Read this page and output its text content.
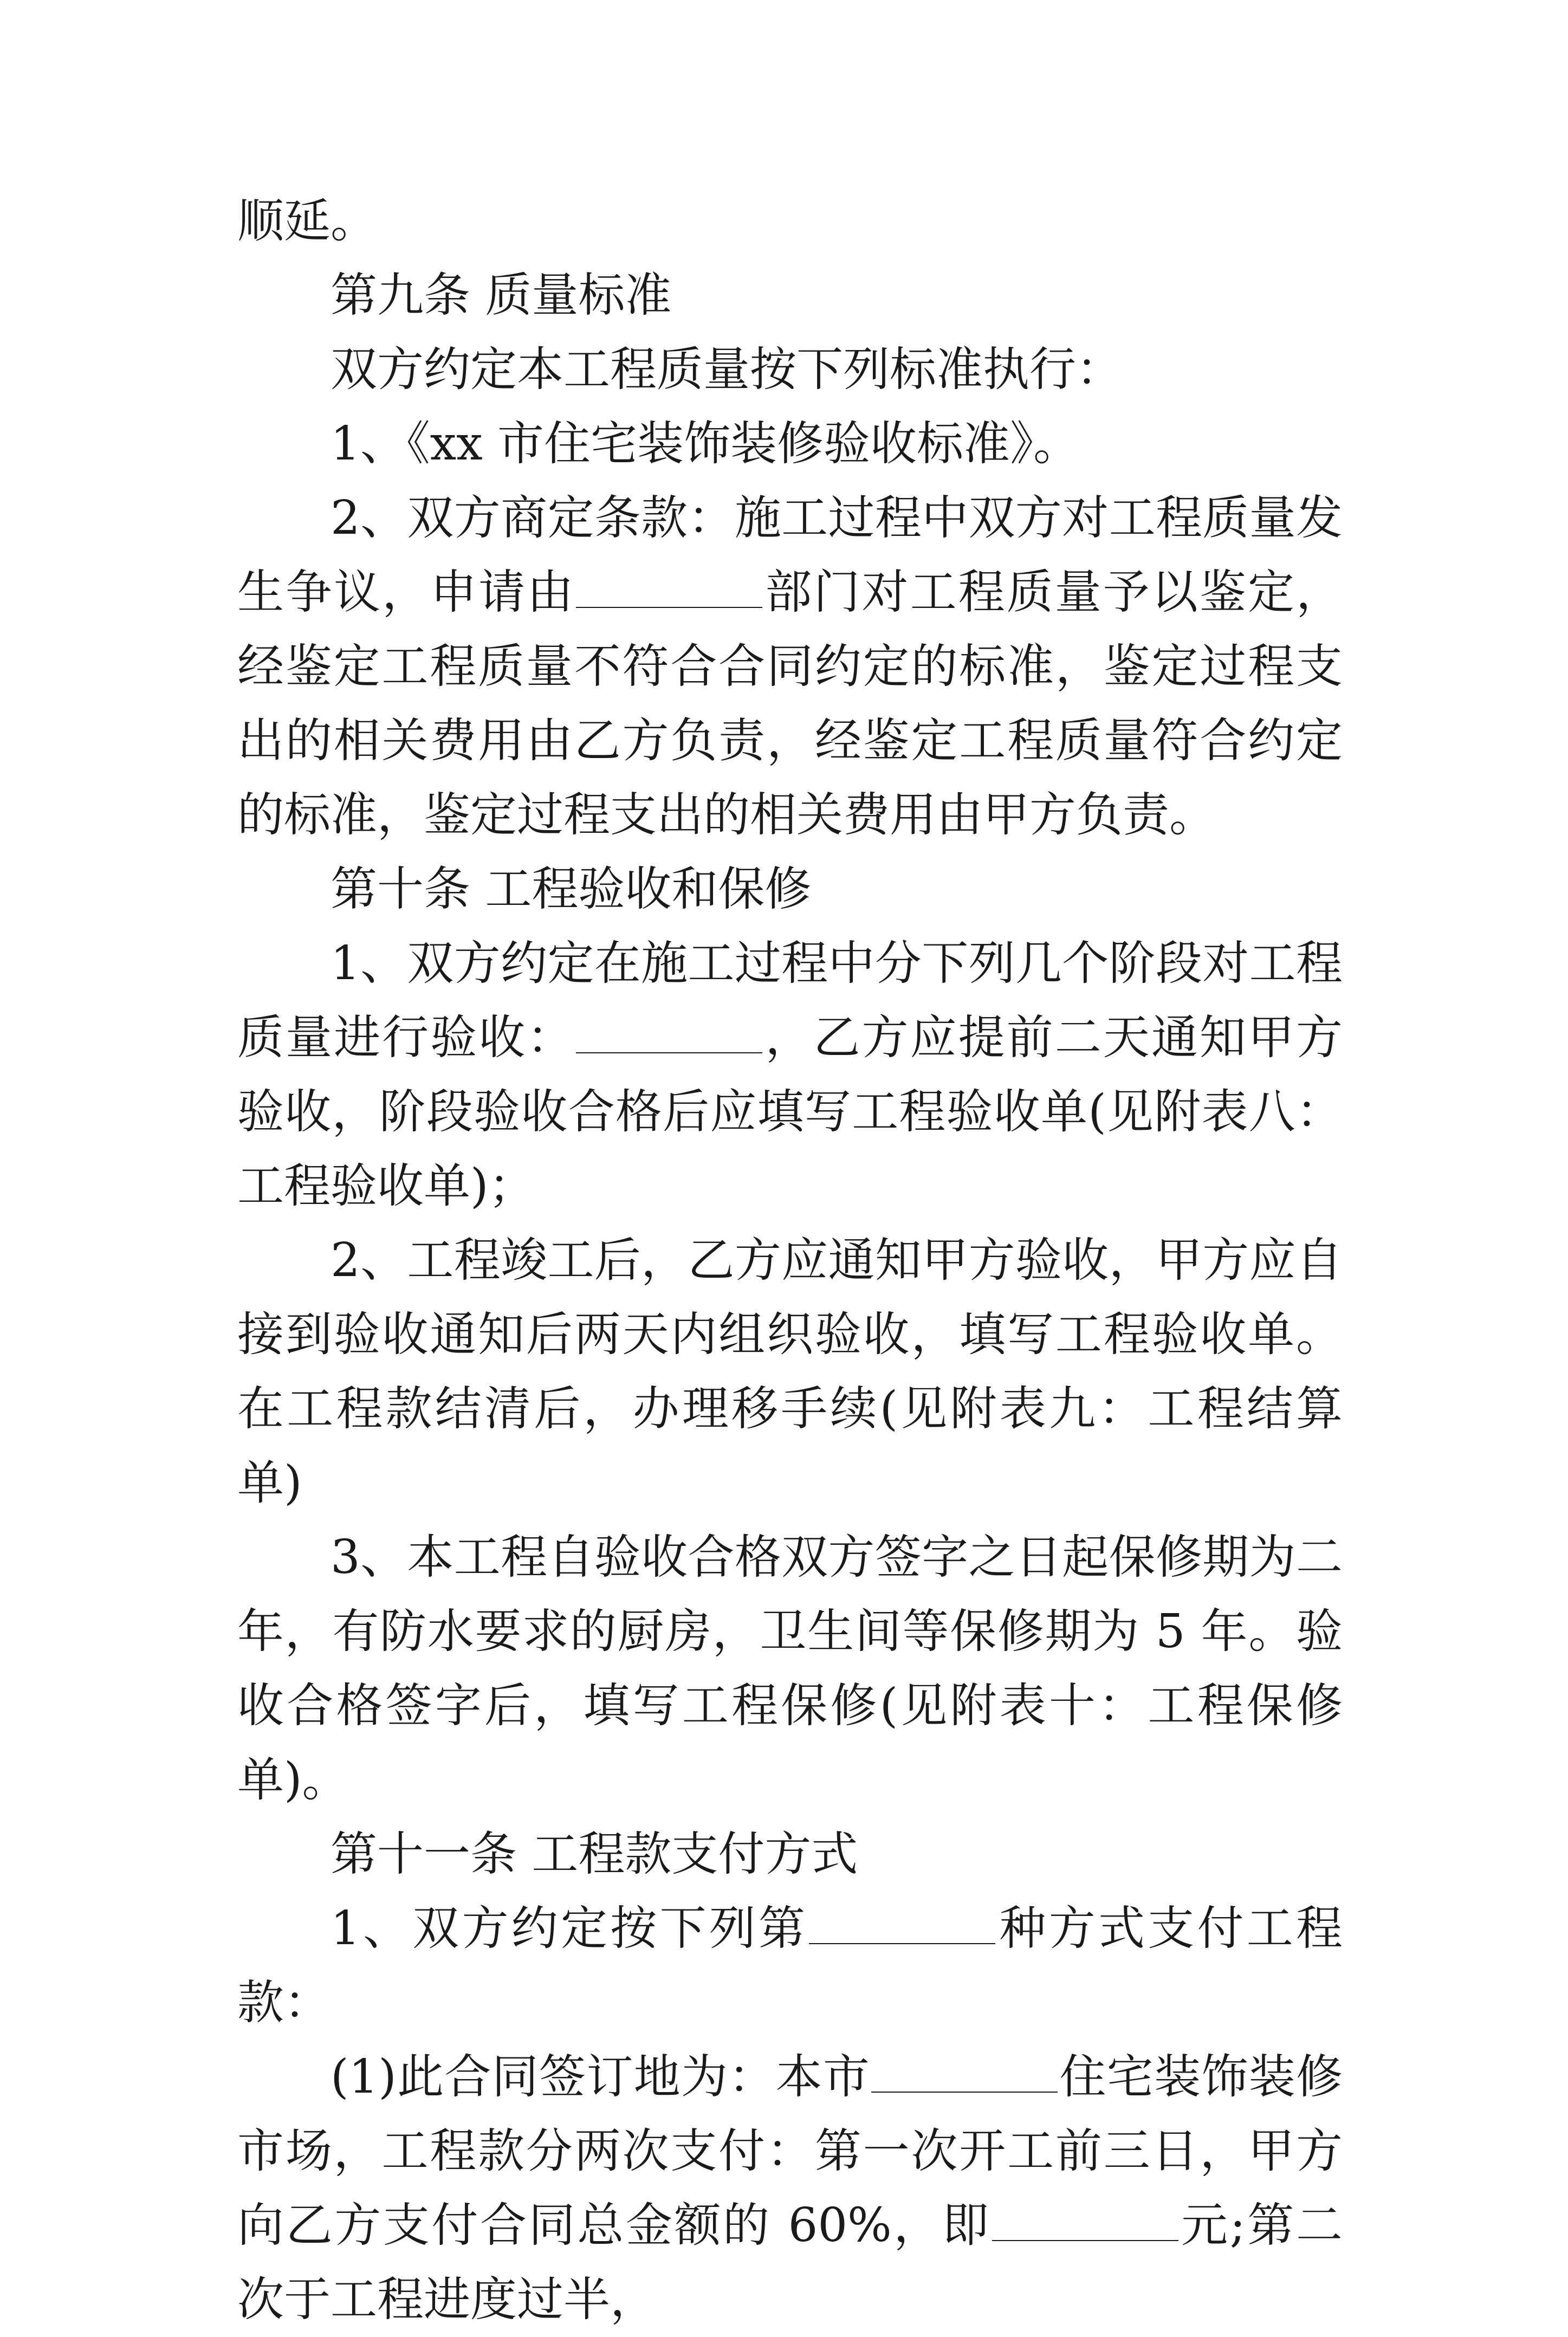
顺延。

第九条 质量标准

双方约定本工程质量按下列标准执行：

1、《xx 市住宅装饰装修验收标准》。

2、双方商定条款：施工过程中双方对工程质量发生争议，申请由	部门对工程质量予以鉴定，经鉴定工程质量不符合合同约定的标准，鉴定过程支出的相关费用由乙方负责，经鉴定工程质量符合约定的标准，鉴定过程支出的相关费用由甲方负责。

第十条 工程验收和保修

1、双方约定在施工过程中分下列几个阶段对工程质量进行验收：	，乙方应提前二天通知甲方验收，阶段验收合格后应填写工程验收单(见附表八：工程验收单)；

2、工程竣工后，乙方应通知甲方验收，甲方应自接到验收通知后两天内组织验收，填写工程验收单。在工程款结清后，办理移手续(见附表九：工程结算单)

3、本工程自验收合格双方签字之日起保修期为二年，有防水要求的厨房，卫生间等保修期为 5 年。验收合格签字后，填写工程保修(见附表十：工程保修单)。

第十一条 工程款支付方式

1、双方约定按下列第	种方式支付工程款：

(1)此合同签订地为：本市	住宅装饰装修市场，工程款分两次支付：第一次开工前三日，甲方向乙方支付合同总金额的 60%，即	元;第二次于工程进度过半，
